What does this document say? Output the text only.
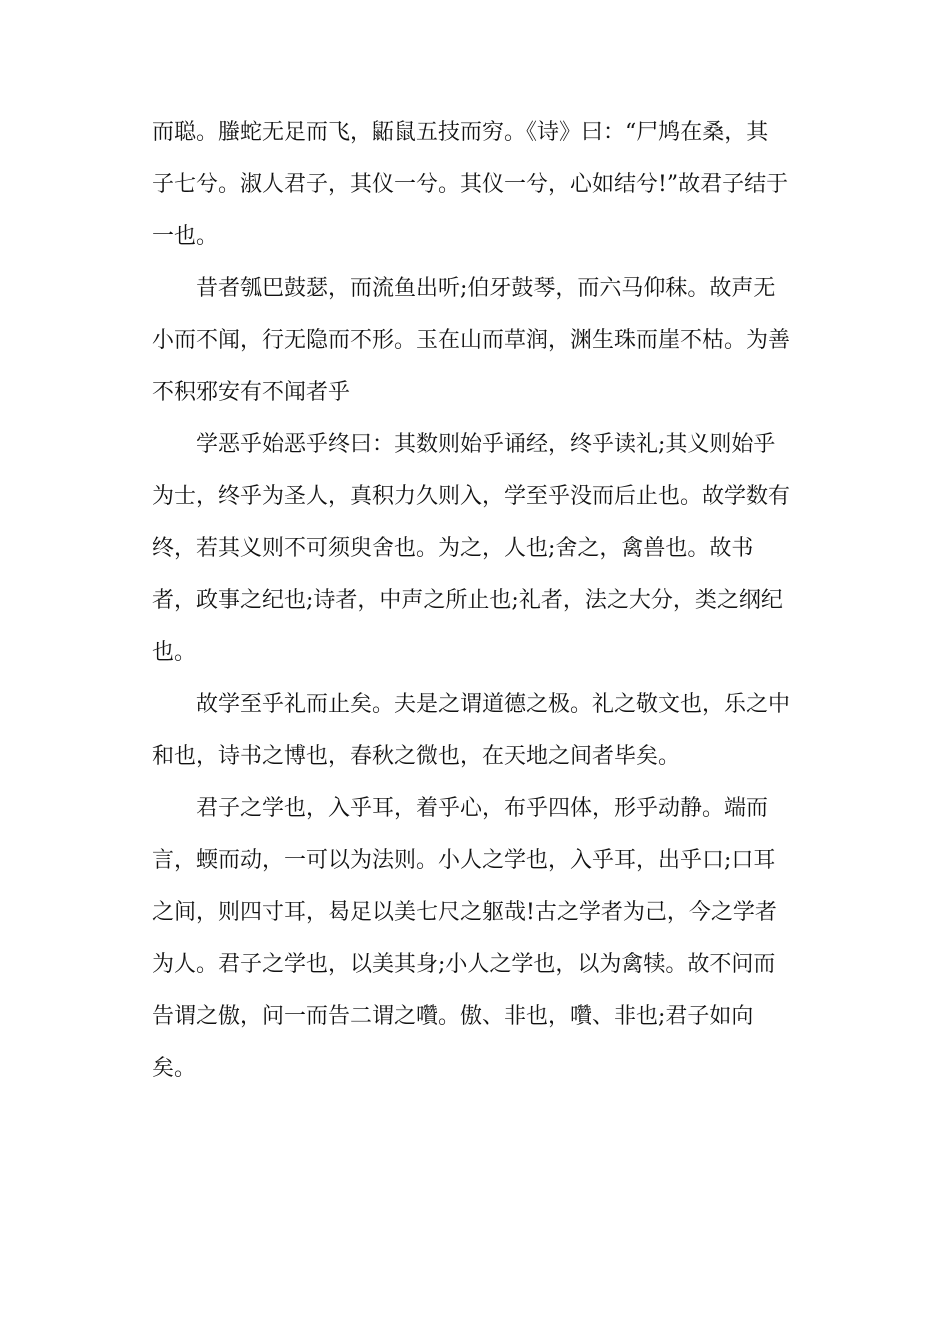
而聪。螣蛇无足而飞，鼫鼠五技而穷。《诗》曰：“尸鸠在桑，其
子七兮。淑人君子，其仪一兮。其仪一兮，心如结兮!”故君子结于
一也。
昔者瓠巴鼓瑟，而流鱼出听;伯牙鼓琴，而六马仰秣。故声无
小而不闻，行无隐而不形。玉在山而草润，渊生珠而崖不枯。为善
不积邪安有不闻者乎
学恶乎始恶乎终曰：其数则始乎诵经，终乎读礼;其义则始乎
为士，终乎为圣人，真积力久则入，学至乎没而后止也。故学数有
终，若其义则不可须臾舍也。为之，人也;舍之，禽兽也。故书
者，政事之纪也;诗者，中声之所止也;礼者，法之大分，类之纲纪
也。
故学至乎礼而止矣。夫是之谓道德之极。礼之敬文也，乐之中
和也，诗书之博也，春秋之微也，在天地之间者毕矣。
君子之学也，入乎耳，着乎心，布乎四体，形乎动静。端而
言，蝡而动，一可以为法则。小人之学也，入乎耳，出乎口;口耳
之间，则四寸耳，曷足以美七尺之躯哉!古之学者为己，今之学者
为人。君子之学也，以美其身;小人之学也，以为禽犊。故不问而
告谓之傲，问一而告二谓之囋。傲、非也，囋、非也;君子如向
矣。
